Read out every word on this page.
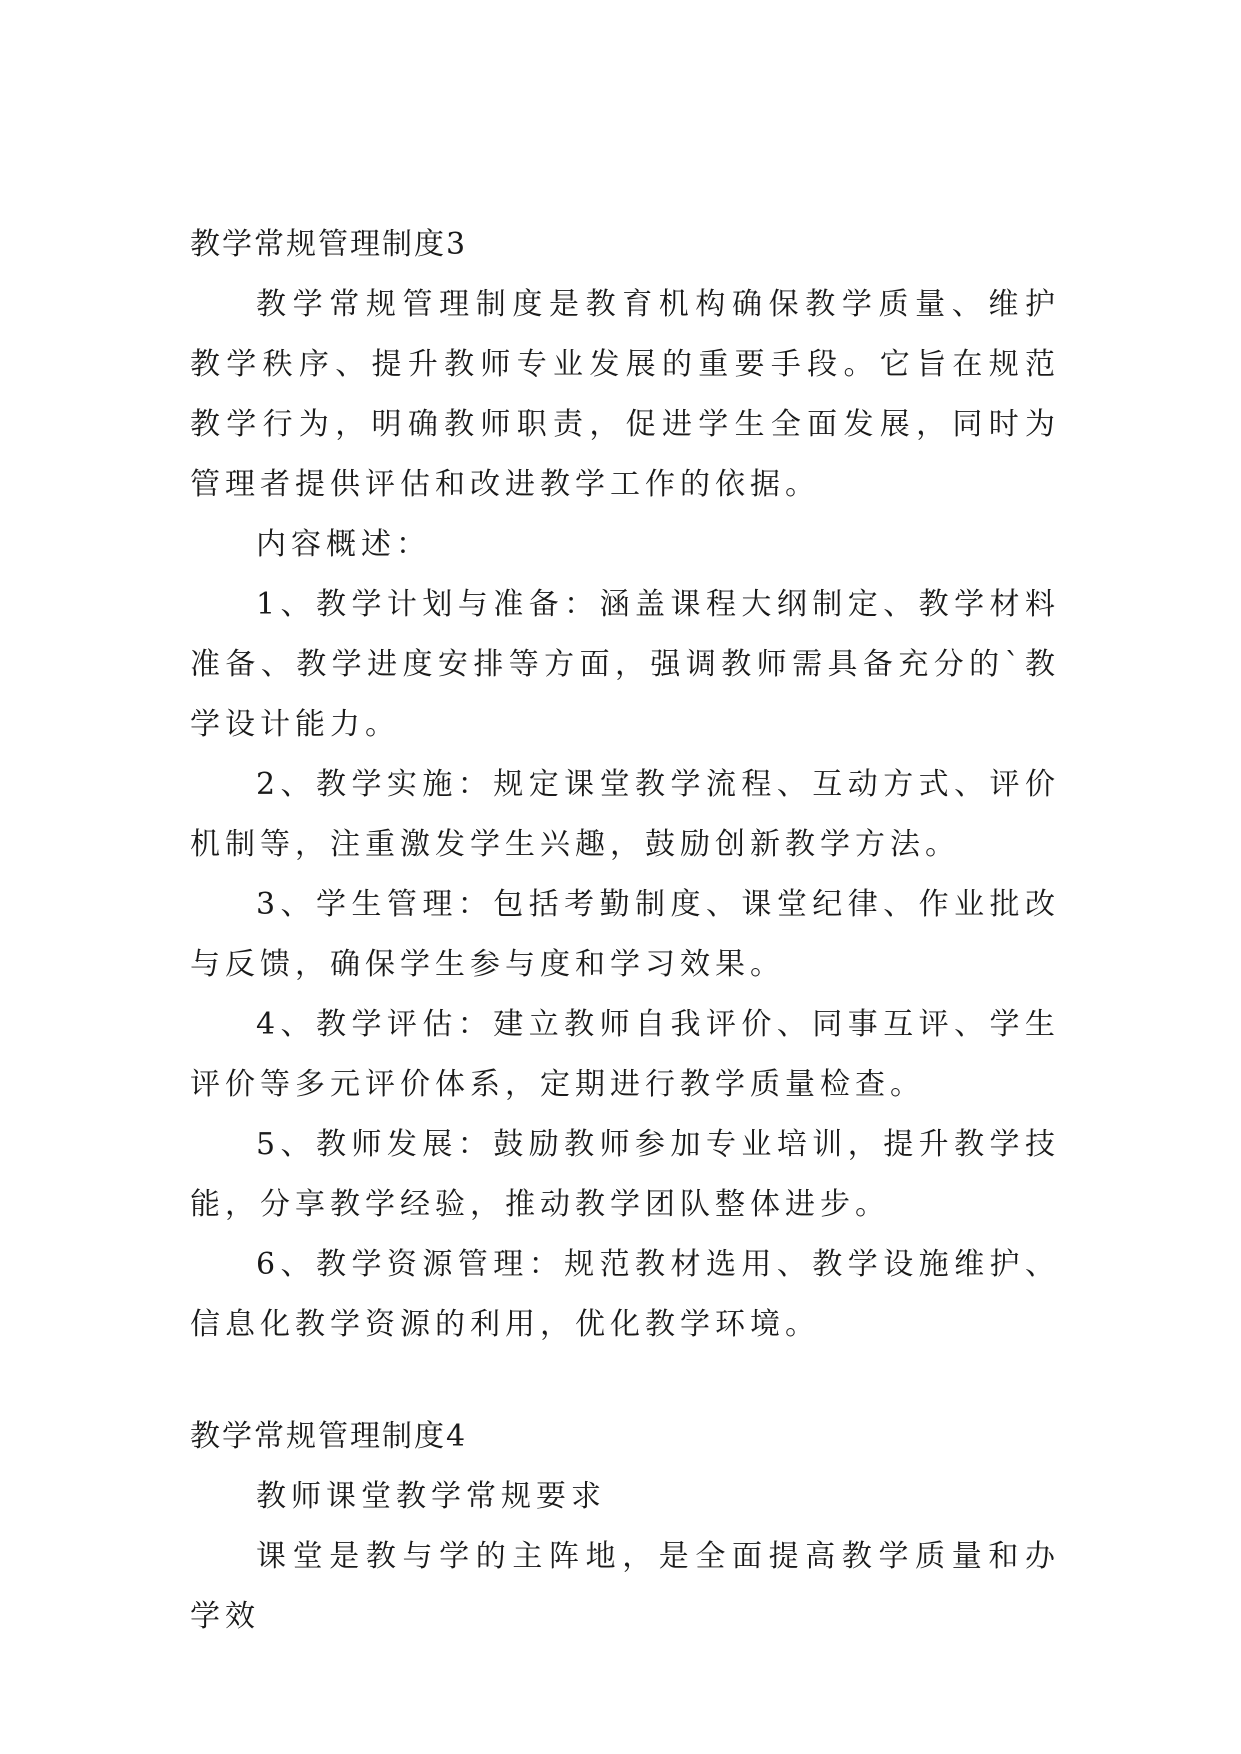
教学常规管理制度3

教学常规管理制度是教育机构确保教学质量、维护教学秩序、提升教师专业发展的重要手段。它旨在规范教学行为，明确教师职责，促进学生全面发展，同时为管理者提供评估和改进教学工作的依据。

内容概述：

1、教学计划与准备：涵盖课程大纲制定、教学材料准备、教学进度安排等方面，强调教师需具备充分的`教学设计能力。

2、教学实施：规定课堂教学流程、互动方式、评价机制等，注重激发学生兴趣，鼓励创新教学方法。

3、学生管理：包括考勤制度、课堂纪律、作业批改与反馈，确保学生参与度和学习效果。

4、教学评估：建立教师自我评价、同事互评、学生评价等多元评价体系，定期进行教学质量检查。

5、教师发展：鼓励教师参加专业培训，提升教学技能，分享教学经验，推动教学团队整体进步。

6、教学资源管理：规范教材选用、教学设施维护、信息化教学资源的利用，优化教学环境。

教学常规管理制度4

教师课堂教学常规要求

课堂是教与学的主阵地，是全面提高教学质量和办学效
